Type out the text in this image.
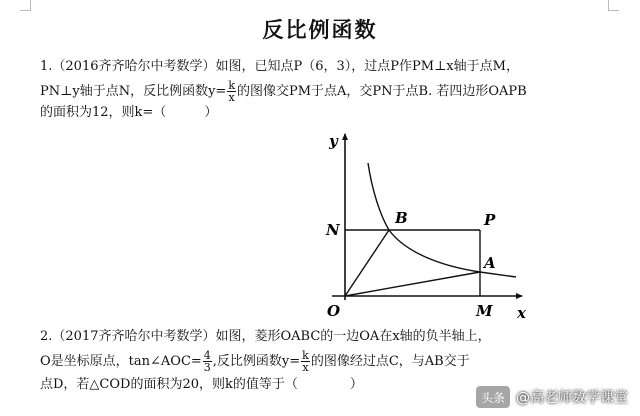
反比例函数
1.（2016齐齐哈尔中考数学）如图，已知点P（6，3），过点P作PM⊥x轴于点M，
PN⊥y轴于点N，反比例函数$y= \frac{k}{x}$ 的图像交PM于点A，交PN于点B. 若四边形OAPB
的面积为12，则k=（	）
y
x
O
N
B	P
A
M
2.（2017齐齐哈尔中考数学）如图，菱形OABC的一边OA在x轴的负半轴上，
O是坐标原点，tan∠AOC= $\frac{4}{3}$ ,反比例函数$y= \frac{k}{x}$ 的图像经过点C，与AB交于
点D，若△COD的面积为20，则k的值等于（	）
头条 @高老师数学课堂
